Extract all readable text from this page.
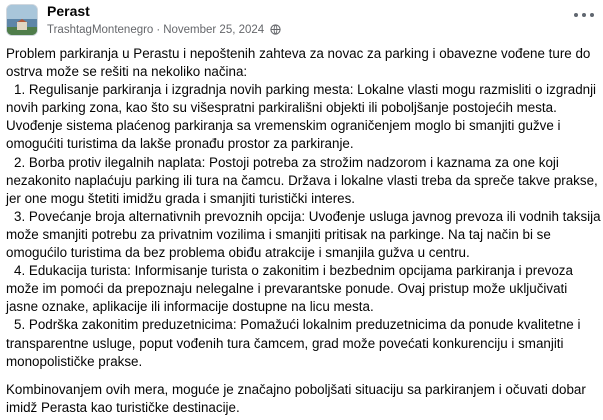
Perast
TrashtagMontenegro · November 25, 2024

Problem parkiranja u Perastu i nepoštenih zahteva za novac za parking i obavezne vođene ture do

ostrva može se rešiti na nekoliko načina:

1. Regulisanje parkiranja i izgradnja novih parking mesta: Lokalne vlasti mogu razmisliti o izgradnji

novih parking zona, kao što su višespratni parkirališni objekti ili poboljšanje postojećih mesta.

Uvođenje sistema plaćenog parkiranja sa vremenskim ograničenjem moglo bi smanjiti gužve i

omogućiti turistima da lakše pronađu prostor za parkiranje.

2. Borba protiv ilegalnih naplata: Postoji potreba za strožim nadzorom i kaznama za one koji

nezakonito naplaćuju parking ili tura na čamcu. Država i lokalne vlasti treba da spreče takve prakse,

jer one mogu štetiti imidžu grada i smanjiti turistički interes.

3. Povećanje broja alternativnih prevoznih opcija: Uvođenje usluga javnog prevoza ili vodnih taksija

može smanjiti potrebu za privatnim vozilima i smanjiti pritisak na parkinge. Na taj način bi se

omogućilo turistima da bez problema obiđu atrakcije i smanjila gužva u centru.

4. Edukacija turista: Informisanje turista o zakonitim i bezbednim opcijama parkiranja i prevoza

može im pomoći da prepoznaju nelegalne i prevarantske ponude. Ovaj pristup može uključivati

jasne oznake, aplikacije ili informacije dostupne na licu mesta.

5. Podrška zakonitim preduzetnicima: Pomažući lokalnim preduzetnicima da ponude kvalitetne i

transparentne usluge, poput vođenih tura čamcem, grad može povećati konkurenciju i smanjiti

monopolističke prakse.

Kombinovanjem ovih mera, moguće je značajno poboljšati situaciju sa parkiranjem i očuvati dobar

imidž Perasta kao turističke destinacije.
